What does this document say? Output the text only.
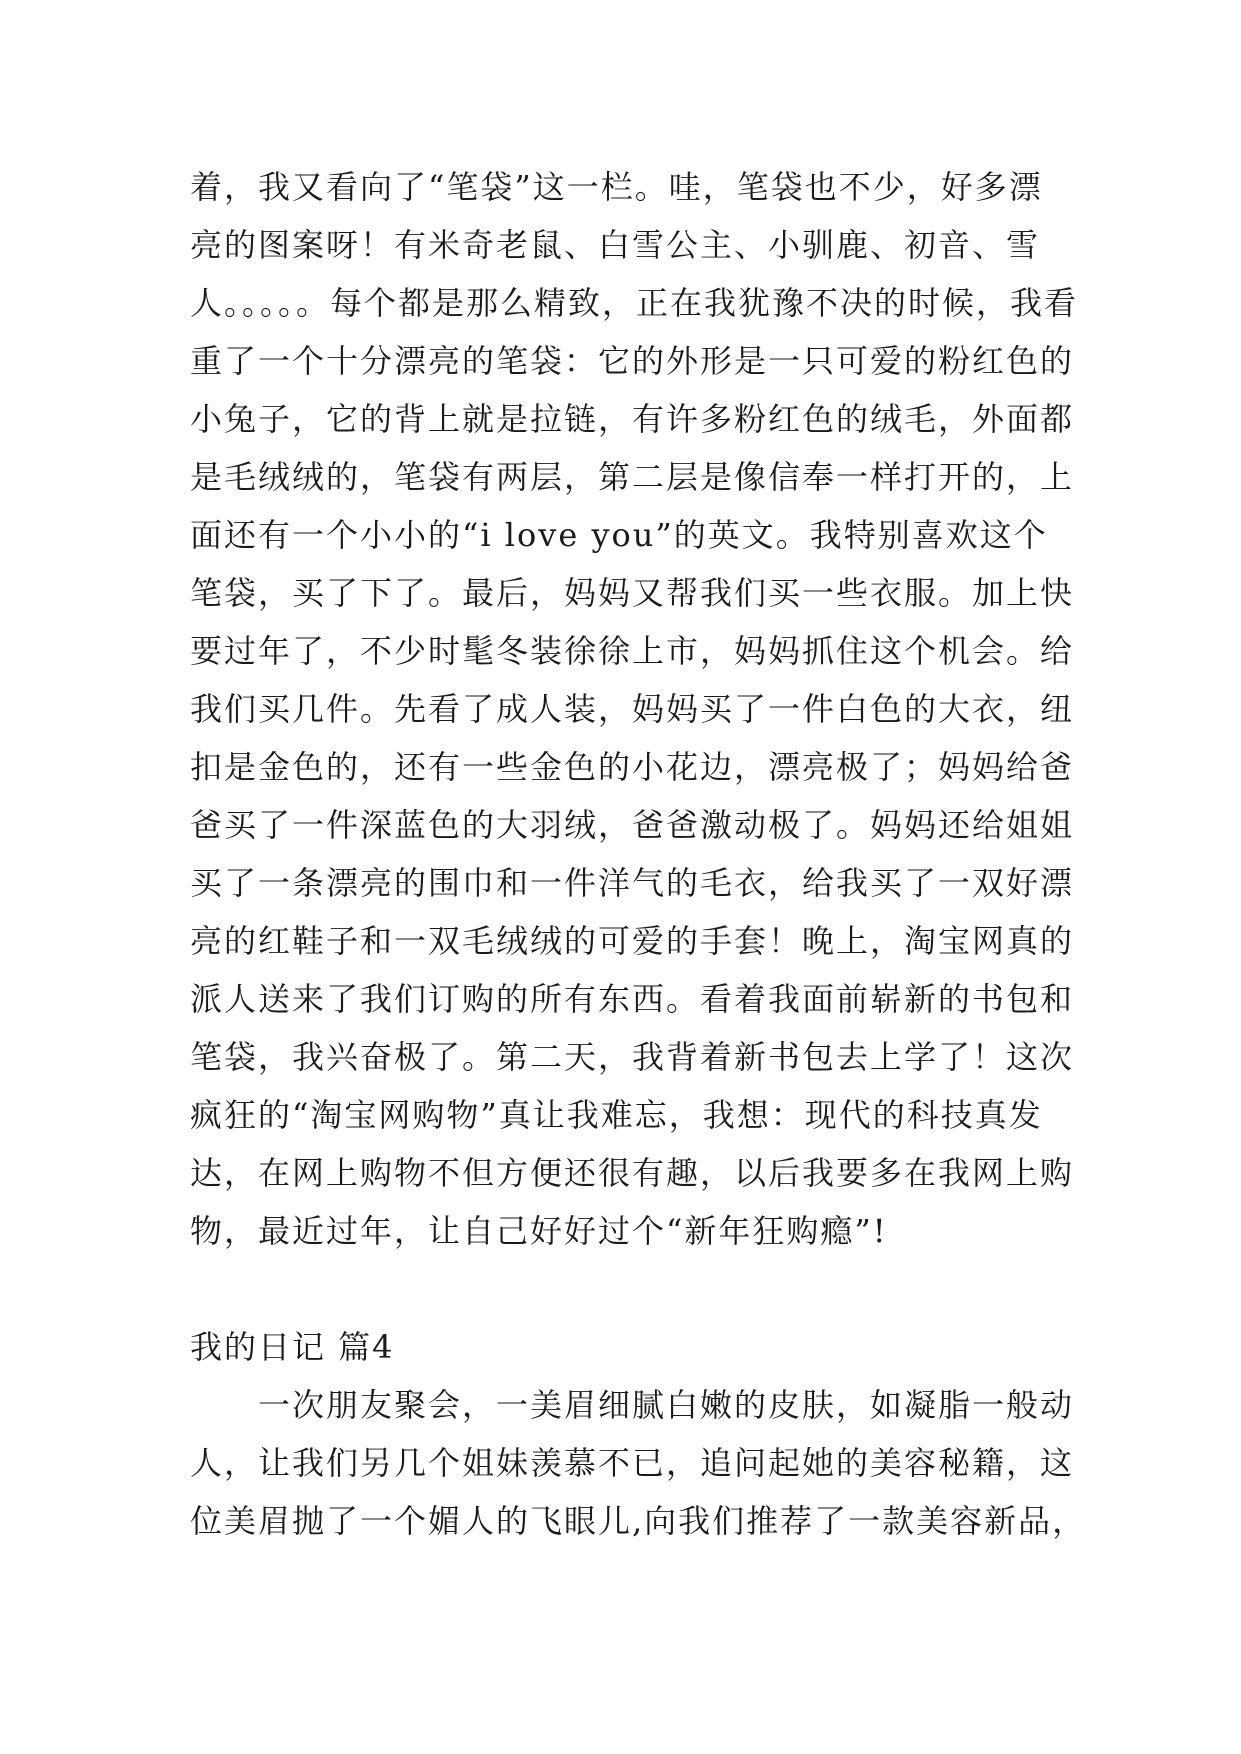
着，我又看向了“笔袋”这一栏。哇，笔袋也不少，好多漂
亮的图案呀！有米奇老鼠、白雪公主、小驯鹿、初音、雪
人。。。。。每个都是那么精致，正在我犹豫不决的时候，我看
重了一个十分漂亮的笔袋：它的外形是一只可爱的粉红色的
小兔子，它的背上就是拉链，有许多粉红色的绒毛，外面都
是毛绒绒的，笔袋有两层，第二层是像信奉一样打开的，上
面还有一个小小的“i love you”的英文。我特别喜欢这个
笔袋，买了下了。最后，妈妈又帮我们买一些衣服。加上快
要过年了，不少时髦冬装徐徐上市，妈妈抓住这个机会。给
我们买几件。先看了成人装，妈妈买了一件白色的大衣，纽
扣是金色的，还有一些金色的小花边，漂亮极了；妈妈给爸
爸买了一件深蓝色的大羽绒，爸爸激动极了。妈妈还给姐姐
买了一条漂亮的围巾和一件洋气的毛衣，给我买了一双好漂
亮的红鞋子和一双毛绒绒的可爱的手套！晚上，淘宝网真的
派人送来了我们订购的所有东西。看着我面前崭新的书包和
笔袋，我兴奋极了。第二天，我背着新书包去上学了！这次
疯狂的“淘宝网购物”真让我难忘，我想：现代的科技真发
达，在网上购物不但方便还很有趣，以后我要多在我网上购
物，最近过年，让自己好好过个“新年狂购瘾”!
我的日记 篇4
一次朋友聚会，一美眉细腻白嫩的皮肤，如凝脂一般动
人，让我们另几个姐妹羡慕不已，追问起她的美容秘籍，这
位美眉抛了一个媚人的飞眼儿,向我们推荐了一款美容新品，
